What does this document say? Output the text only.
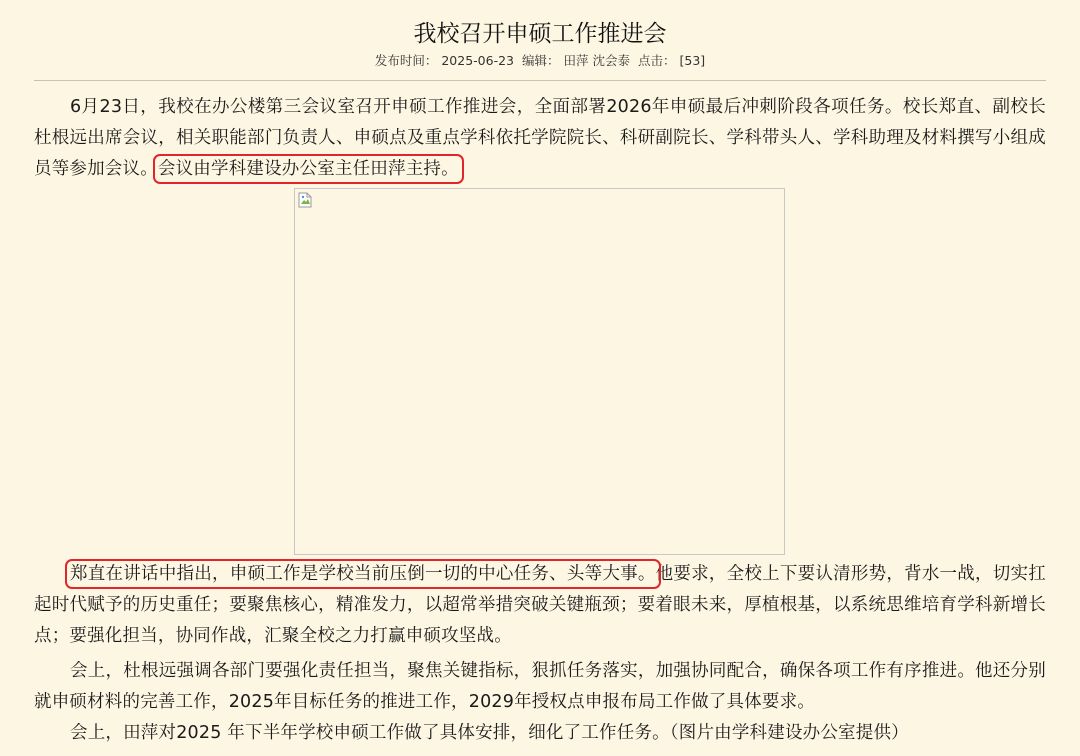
我校召开申硕工作推进会
发布时间： 2025-06-23 编辑： 田萍 沈会泰 点击： [53]

6月23日，我校在办公楼第三会议室召开申硕工作推进会，全面部署2026年申硕最后冲刺阶段各项任务。校长郑直、副校长杜根远出席会议，相关职能部门负责人、申硕点及重点学科依托学院院长、科研副院长、学科带头人、学科助理及材料撰写小组成员等参加会议。会议由学科建设办公室主任田萍主持。

郑直在讲话中指出，申硕工作是学校当前压倒一切的中心任务、头等大事。他要求，全校上下要认清形势，背水一战，切实扛起时代赋予的历史重任；要聚焦核心，精准发力，以超常举措突破关键瓶颈；要着眼未来，厚植根基，以系统思维培育学科新增长点；要强化担当，协同作战，汇聚全校之力打赢申硕攻坚战。

会上，杜根远强调各部门要强化责任担当，聚焦关键指标，狠抓任务落实，加强协同配合，确保各项工作有序推进。他还分别就申硕材料的完善工作，2025年目标任务的推进工作，2029年授权点申报布局工作做了具体要求。

会上，田萍对2025 年下半年学校申硕工作做了具体安排，细化了工作任务。（图片由学科建设办公室提供）
